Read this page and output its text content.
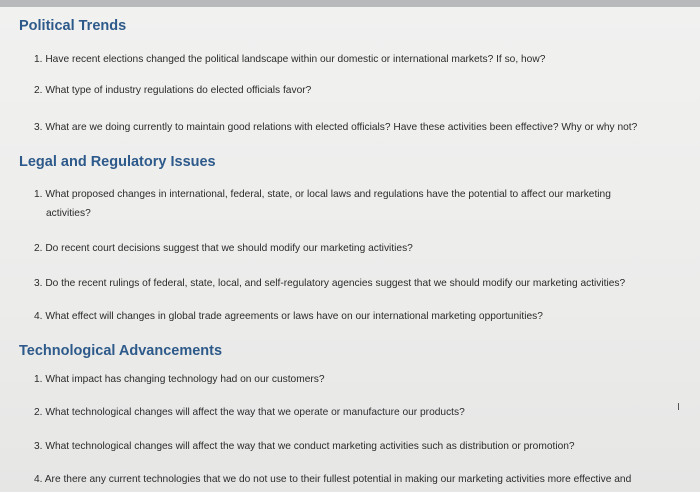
Political Trends
1. Have recent elections changed the political landscape within our domestic or international markets? If so, how?
2. What type of industry regulations do elected officials favor?
3. What are we doing currently to maintain good relations with elected officials? Have these activities been effective? Why or why not?
Legal and Regulatory Issues
1. What proposed changes in international, federal, state, or local laws and regulations have the potential to affect our marketing
activities?
2. Do recent court decisions suggest that we should modify our marketing activities?
3. Do the recent rulings of federal, state, local, and self-regulatory agencies suggest that we should modify our marketing activities?
4. What effect will changes in global trade agreements or laws have on our international marketing opportunities?
Technological Advancements
1. What impact has changing technology had on our customers?
2. What technological changes will affect the way that we operate or manufacture our products?
3. What technological changes will affect the way that we conduct marketing activities such as distribution or promotion?
4. Are there any current technologies that we do not use to their fullest potential in making our marketing activities more effective and
